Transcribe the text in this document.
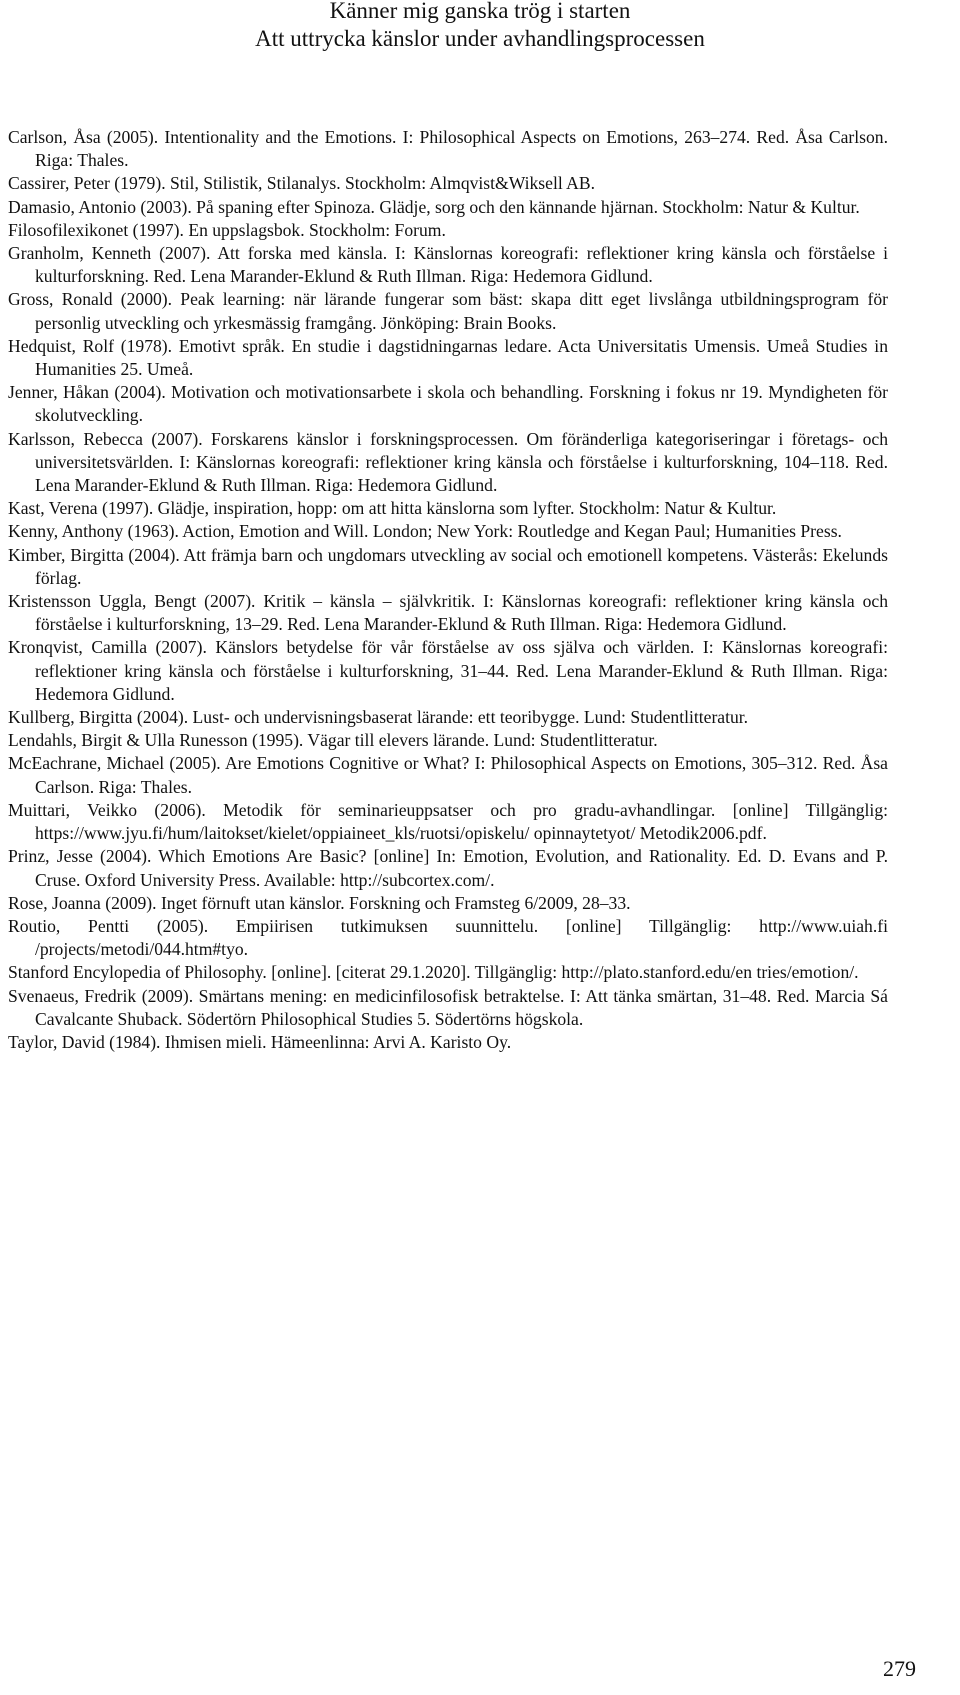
Känner mig ganska trög i starten
Att uttrycka känslor under avhandlingsprocessen
Carlson, Åsa (2005). Intentionality and the Emotions. I: Philosophical Aspects on Emotions, 263–274. Red. Åsa Carlson. Riga: Thales.
Cassirer, Peter (1979). Stil, Stilistik, Stilanalys. Stockholm: Almqvist&Wiksell AB.
Damasio, Antonio (2003). På spaning efter Spinoza. Glädje, sorg och den kännande hjärnan. Stockholm: Natur & Kultur.
Filosofilexikonet (1997). En uppslagsbok. Stockholm: Forum.
Granholm, Kenneth (2007). Att forska med känsla. I: Känslornas koreografi: reflektioner kring känsla och förståelse i kulturforskning. Red. Lena Marander-Eklund & Ruth Illman. Riga: Hedemora Gidlund.
Gross, Ronald (2000). Peak learning: när lärande fungerar som bäst: skapa ditt eget livslånga utbildningsprogram för personlig utveckling och yrkesmässig framgång. Jönköping: Brain Books.
Hedquist, Rolf (1978). Emotivt språk. En studie i dagstidningarnas ledare. Acta Universitatis Umensis. Umeå Studies in Humanities 25. Umeå.
Jenner, Håkan (2004). Motivation och motivationsarbete i skola och behandling. Forskning i fokus nr 19. Myndigheten för skolutveckling.
Karlsson, Rebecca (2007). Forskarens känslor i forskningsprocessen. Om föränderliga kategoriseringar i företags- och universitetsvärlden. I: Känslornas koreografi: reflektioner kring känsla och förståelse i kulturforskning, 104–118. Red. Lena Marander-Eklund & Ruth Illman. Riga: Hedemora Gidlund.
Kast, Verena (1997). Glädje, inspiration, hopp: om att hitta känslorna som lyfter. Stockholm: Natur & Kultur.
Kenny, Anthony (1963). Action, Emotion and Will. London; New York: Routledge and Kegan Paul; Humanities Press.
Kimber, Birgitta (2004). Att främja barn och ungdomars utveckling av social och emotionell kompetens. Västerås: Ekelunds förlag.
Kristensson Uggla, Bengt (2007). Kritik – känsla – självkritik. I: Känslornas koreografi: reflektioner kring känsla och förståelse i kulturforskning, 13–29. Red. Lena Marander-Eklund & Ruth Illman. Riga: Hedemora Gidlund.
Kronqvist, Camilla (2007). Känslors betydelse för vår förståelse av oss själva och världen. I: Känslornas koreografi: reflektioner kring känsla och förståelse i kulturforskning, 31–44. Red. Lena Marander-Eklund & Ruth Illman. Riga: Hedemora Gidlund.
Kullberg, Birgitta (2004). Lust- och undervisningsbaserat lärande: ett teoribygge. Lund: Studentlitteratur.
Lendahls, Birgit & Ulla Runesson (1995). Vägar till elevers lärande. Lund: Studentlitteratur.
McEachrane, Michael (2005). Are Emotions Cognitive or What? I: Philosophical Aspects on Emotions, 305–312. Red. Åsa Carlson. Riga: Thales.
Muittari, Veikko (2006). Metodik för seminarieuppsatser och pro gradu-avhandlingar. [online] Tillgänglig: https://www.jyu.fi/hum/laitokset/kielet/oppiaineet_kls/ruotsi/opiskelu/ opinnaytetyot/ Metodik2006.pdf.
Prinz, Jesse (2004). Which Emotions Are Basic? [online] In: Emotion, Evolution, and Rationality. Ed. D. Evans and P. Cruse. Oxford University Press. Available: http://subcortex.com/.
Rose, Joanna (2009). Inget förnuft utan känslor. Forskning och Framsteg 6/2009, 28–33.
Routio, Pentti (2005). Empiirisen tutkimuksen suunnittelu. [online] Tillgänglig: http://www.uiah.fi /projects/metodi/044.htm#tyo.
Stanford Encylopedia of Philosophy. [online]. [citerat 29.1.2020]. Tillgänglig: http://plato.stanford.edu/en tries/emotion/.
Svenaeus, Fredrik (2009). Smärtans mening: en medicinfilosofisk betraktelse. I: Att tänka smärtan, 31–48. Red. Marcia Sá Cavalcante Shuback. Södertörn Philosophical Studies 5. Södertörns högskola.
Taylor, David (1984). Ihmisen mieli. Hämeenlinna: Arvi A. Karisto Oy.
279
